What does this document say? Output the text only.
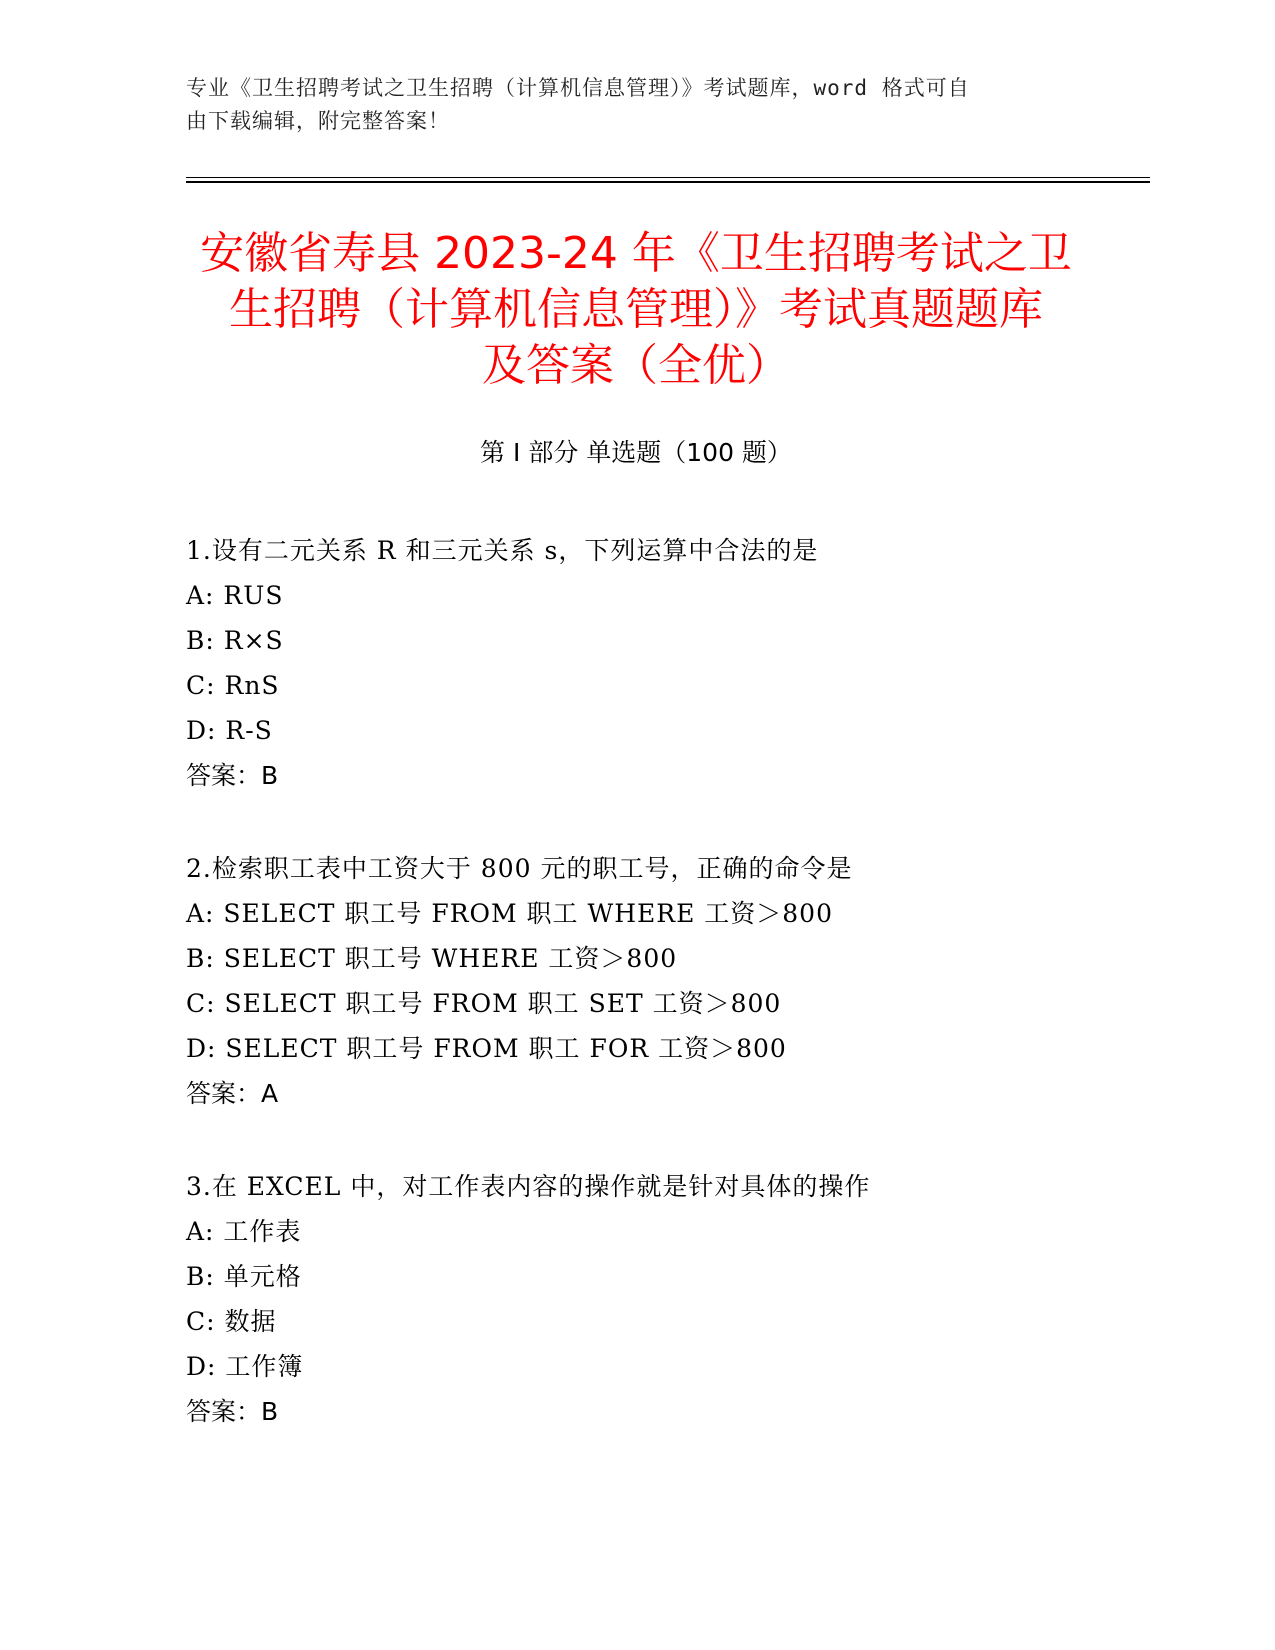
专业《卫生招聘考试之卫生招聘（计算机信息管理）》考试题库，word 格式可自
由下载编辑，附完整答案！
安徽省寿县 2023-24 年《卫生招聘考试之卫
生招聘（计算机信息管理）》考试真题题库
及答案（全优）
第 I 部分 单选题（100 题）
1.设有二元关系 R 和三元关系 s，下列运算中合法的是
A: RUS
B: R×S
C: RnS
D: R-S
答案：B
2.检索职工表中工资大于 800 元的职工号，正确的命令是
A: SELECT 职工号 FROM 职工 WHERE 工资＞800
B: SELECT 职工号 WHERE 工资＞800
C: SELECT 职工号 FROM 职工 SET 工资＞800
D: SELECT 职工号 FROM 职工 FOR 工资＞800
答案：A
3.在 EXCEL 中，对工作表内容的操作就是针对具体的操作
A: 工作表
B: 单元格
C: 数据
D: 工作簿
答案：B
